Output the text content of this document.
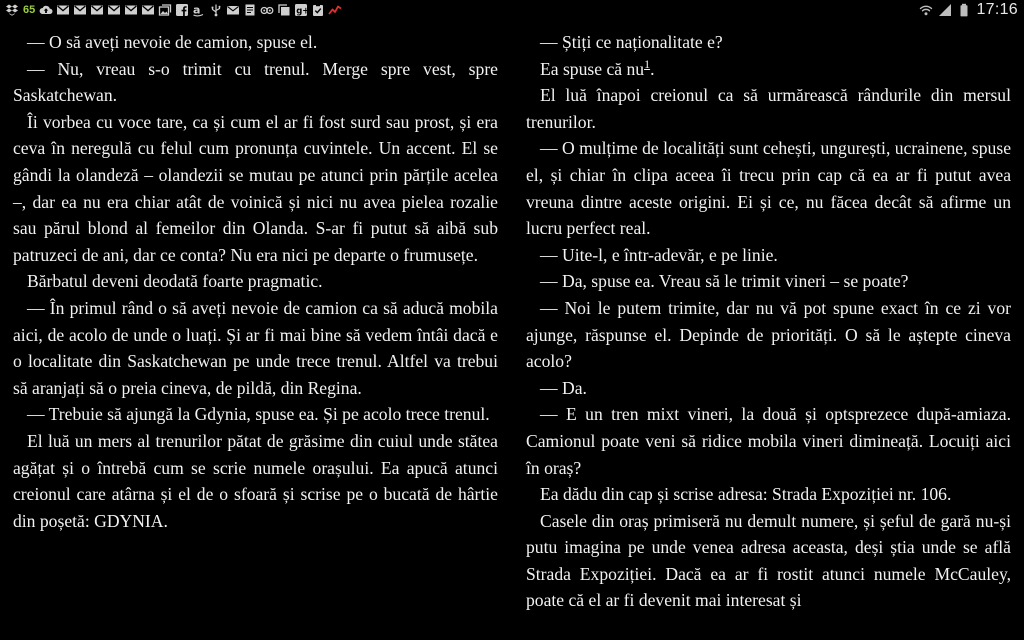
65	a	g+	17:16

— O să aveți nevoie de camion, spuse el.

— Nu, vreau s-o trimit cu trenul. Merge spre vest, spre Saskatchewan.

Îi vorbea cu voce tare, ca și cum el ar fi fost surd sau prost, și era ceva în neregulă cu felul cum pronunța cuvintele. Un accent. El se gândi la olandeză – olandezii se mutau pe atunci prin părțile acelea –, dar ea nu era chiar atât de voinică și nici nu avea pielea rozalie sau părul blond al femeilor din Olanda. S-ar fi putut să aibă sub patruzeci de ani, dar ce conta? Nu era nici pe departe o frumusețe.

Bărbatul deveni deodată foarte pragmatic.

— În primul rând o să aveți nevoie de camion ca să aducă mobila aici, de acolo de unde o luați. Și ar fi mai bine să vedem întâi dacă e o localitate din Saskatchewan pe unde trece trenul. Altfel va trebui să aranjați să o preia cineva, de pildă, din Regina.

— Trebuie să ajungă la Gdynia, spuse ea. Și pe acolo trece trenul.

El luă un mers al trenurilor pătat de grăsime din cuiul unde stătea agățat și o întrebă cum se scrie numele orașului. Ea apucă atunci creionul care atârna și el de o sfoară și scrise pe o bucată de hârtie din poșetă: GDYNIA.

— Știți ce naționalitate e?

Ea spuse că $nu^1$.

El luă înapoi creionul ca să urmărească rândurile din mersul trenurilor.

— O mulțime de localități sunt cehești, ungurești, ucrainene, spuse el, și chiar în clipa aceea îi trecu prin cap că ea ar fi putut avea vreuna dintre aceste origini. Ei și ce, nu făcea decât să afirme un lucru perfect real.

— Uite-l, e într-adevăr, e pe linie.

— Da, spuse ea. Vreau să le trimit vineri – se poate?

— Noi le putem trimite, dar nu vă pot spune exact în ce zi vor ajunge, răspunse el. Depinde de priorități. O să le aștepte cineva acolo?

— Da.

— E un tren mixt vineri, la două și optsprezece după-amiaza. Camionul poate veni să ridice mobila vineri dimineață. Locuiți aici în oraș?

Ea dădu din cap și scrise adresa: Strada Expoziției nr. 106.

Casele din oraș primiseră nu demult numere, și șeful de gară nu-și putu imagina pe unde venea adresa aceasta, deși știa unde se află Strada Expoziției. Dacă ea ar fi rostit atunci numele McCauley, poate că el ar fi devenit mai interesat și
